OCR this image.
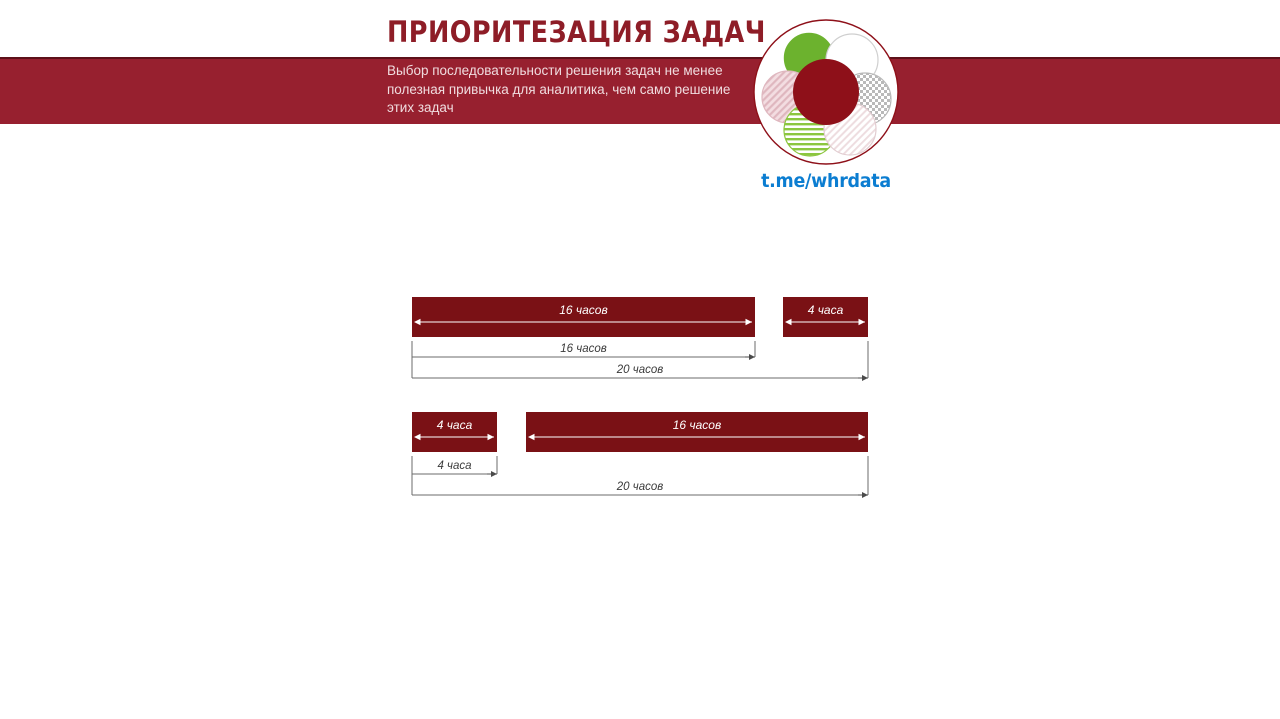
ПРИОРИТЕЗАЦИЯ ЗАДАЧ
Выбор последовательности решения задач не менее полезная привычка для аналитика, чем само решение этих задач
t.me/whrdata
16 часов	4 часа
16 часов
20 часов
4 часа	16 часов
4 часа
20 часов
